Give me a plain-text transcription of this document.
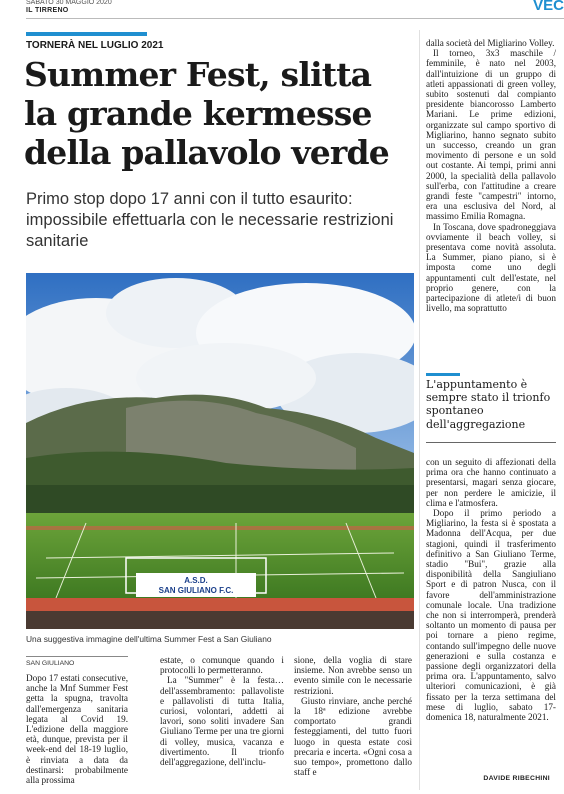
SABATO 30 MAGGIO 2020
IL TIRRENO	VEC
TORNERÀ NEL LUGLIO 2021
Summer Fest, slitta la grande kermesse della pallavolo verde
Primo stop dopo 17 anni con il tutto esaurito: impossibile effettuarla con le necessarie restrizioni sanitarie
A.S.D.
SAN GIULIANO F.C.
Una suggestiva immagine dell'ultima Summer Fest a San Giuliano
SAN GIULIANO

Dopo 17 estati consecutive, anche la Mnf Summer Fest getta la spugna, travolta dall'emergenza sanitaria legata al Covid 19. L'edizione della maggiore età, dunque, prevista per il week-end del 18-19 luglio, è rinviata a data da destinarsi: probabilmente alla prossima

estate, o comunque quando i protocolli lo permetteranno.

La "Summer" è la festa…dell'assembramento: pallavoliste e pallavolisti di tutta Italia, curiosi, volontari, addetti ai lavori, sono soliti invadere San Giuliano Terme per una tre giorni di volley, musica, vacanza e divertimento. Il trionfo dell'aggregazione, dell'inclu-

sione, della voglia di stare insieme. Non avrebbe senso un evento simile con le necessarie restrizioni.

Giusto rinviare, anche perché la 18ª edizione avrebbe comportato grandi festeggiamenti, del tutto fuori luogo in questa estate così precaria e incerta. «Ogni cosa a suo tempo», promettono dallo staff e

dalla società del Migliarino Volley.

Il torneo, 3x3 maschile / femminile, è nato nel 2003, dall'intuizione di un gruppo di atleti appassionati di green volley, subito sostenuti dal compianto presidente biancorosso Lamberto Mariani. Le prime edizioni, organizzate sul campo sportivo di Migliarino, hanno segnato subito un successo, creando un gran movimento di persone e un sold out costante. Ai tempi, primi anni 2000, la specialità della pallavolo sull'erba, con l'attitudine a creare grandi feste "campestri" intorno, era una esclusiva del Nord, al massimo Emilia Romagna.

In Toscana, dove spadroneggiava ovviamente il beach volley, si presentava come novità assoluta. La Summer, piano piano, si è imposta come uno degli appuntamenti cult dell'estate, nel proprio genere, con la partecipazione di atlete/i di buon livello, ma soprattutto

L'appuntamento è sempre stato il trionfo spontaneo dell'aggregazione

con un seguito di affezionati della prima ora che hanno continuato a presentarsi, magari senza giocare, per non perdere le amicizie, il clima e l'atmosfera.

Dopo il primo periodo a Migliarino, la festa si è spostata a Madonna dell'Acqua, per due stagioni, quindi il trasferimento definitivo a San Giuliano Terme, stadio "Bui", grazie alla disponibilità della Sangiuliano Sport e di patron Nusca, con il favore dell'amministrazione comunale locale. Una tradizione che non si interromperà, prenderà soltanto un momento di pausa per poi tornare a pieno regime, contando sull'impegno delle nuove generazioni e sulla costanza e passione degli organizzatori della prima ora. L'appuntamento, salvo ulteriori comunicazioni, è già fissato per la terza settimana del mese di luglio, sabato 17- domenica 18, naturalmente 2021.

DAVIDE RIBECHINI
